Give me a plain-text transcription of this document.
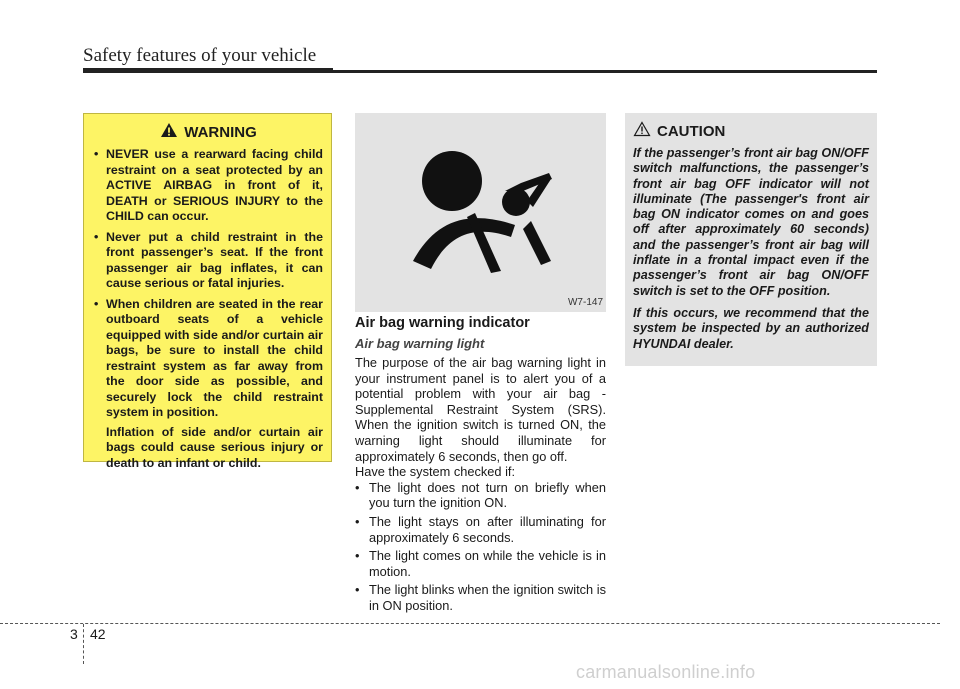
Safety features of your vehicle
WARNING
• NEVER use a rearward facing child restraint on a seat protected by an ACTIVE AIRBAG in front of it, DEATH or SERIOUS INJURY to the CHILD can occur.
• Never put a child restraint in the front passenger’s seat. If the front passenger air bag inflates, it can cause serious or fatal injuries.
• When children are seated in the rear outboard seats of a vehicle equipped with side and/or curtain air bags, be sure to install the child restraint system as far away from the door side as possible, and securely lock the child restraint system in position.
Inflation of side and/or curtain air bags could cause serious injury or death to an infant or child.
W7-147
Air bag warning indicator
Air bag warning light

The purpose of the air bag warning light in your instrument panel is to alert you of a potential problem with your air bag - Supplemental Restraint System (SRS). When the ignition switch is turned ON, the warning light should illuminate for approximately 6 seconds, then go off.

Have the system checked if:

• The light does not turn on briefly when you turn the ignition ON.
• The light stays on after illuminating for approximately 6 seconds.
• The light comes on while the vehicle is in motion.
• The light blinks when the ignition switch is in ON position.
CAUTION

If the passenger’s front air bag ON/OFF switch malfunctions, the passenger’s front air bag OFF indicator will not illuminate (The passenger's front air bag ON indicator comes on and goes off after approximately 60 seconds) and the passenger’s front air bag will inflate in a frontal impact even if the passenger’s front air bag ON/OFF switch is set to the OFF position.

If this occurs, we recommend that the system be inspected by an authorized HYUNDAI dealer.

3 42
carmanualsonline.info
